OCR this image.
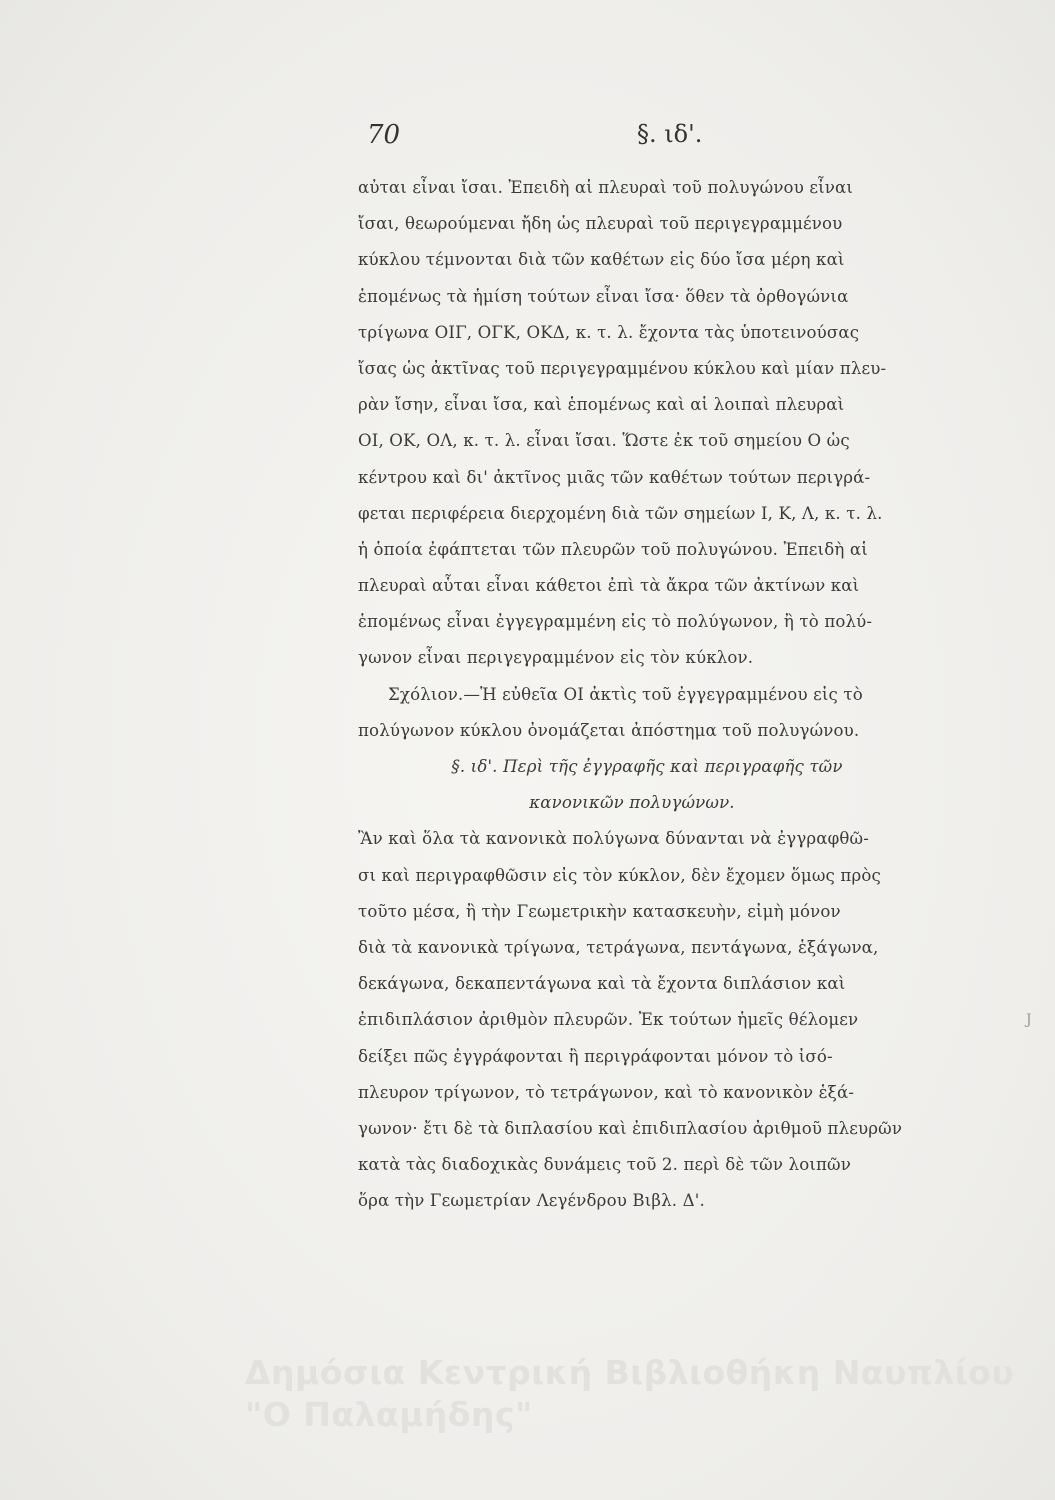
70	§. ιδ'.
αὐται εἶναι ἴσαι. Ἐπειδὴ αἱ πλευραὶ τοῦ πολυγώνου εἶναι
ἴσαι, θεωρούμεναι ἤδη ὡς πλευραὶ τοῦ περιγεγραμμένου
κύκλου τέμνονται διὰ τῶν καθέτων εἰς δύο ἴσα μέρη καὶ
ἑπομένως τὰ ἡμίση τούτων εἶναι ἴσα· ὅθεν τὰ ὀρθογώνια
τρίγωνα ΟΙΓ, ΟΓΚ, ΟΚΔ, κ. τ. λ. ἔχοντα τὰς ὑποτεινούσας
ἴσας ὡς ἀκτῖνας τοῦ περιγεγραμμένου κύκλου καὶ μίαν πλευ-
ρὰν ἴσην, εἶναι ἴσα, καὶ ἑπομένως καὶ αἱ λοιπαὶ πλευραὶ
ΟΙ, ΟΚ, ΟΛ, κ. τ. λ. εἶναι ἴσαι. Ὥστε ἐκ τοῦ σημείου Ο ὡς
κέντρου καὶ δι' ἀκτῖνος μιᾶς τῶν καθέτων τούτων περιγρά-
φεται περιφέρεια διερχομένη διὰ τῶν σημείων Ι, Κ, Λ, κ. τ. λ.
ἡ ὁποία ἐφάπτεται τῶν πλευρῶν τοῦ πολυγώνου. Ἐπειδὴ αἱ
πλευραὶ αὗται εἶναι κάθετοι ἐπὶ τὰ ἄκρα τῶν ἀκτίνων καὶ
ἑπομένως εἶναι ἐγγεγραμμένη εἰς τὸ πολύγωνον, ἢ τὸ πολύ-
γωνον εἶναι περιγεγραμμένον εἰς τὸν κύκλον.
Σχόλιον.—Ἡ εὐθεῖα ΟΙ ἀκτὶς τοῦ ἐγγεγραμμένου εἰς τὸ
πολύγωνον κύκλου ὀνομάζεται ἀπόστημα τοῦ πολυγώνου.
§. ιδ'. Περὶ τῆς ἐγγραφῆς καὶ περιγραφῆς τῶν
κανονικῶν πολυγώνων.
Ἂν καὶ ὅλα τὰ κανονικὰ πολύγωνα δύνανται νὰ ἐγγραφθῶ-
σι καὶ περιγραφθῶσιν εἰς τὸν κύκλον, δὲν ἔχομεν ὅμως πρὸς
τοῦτο μέσα, ἢ τὴν Γεωμετρικὴν κατασκευὴν, εἰμὴ μόνον
διὰ τὰ κανονικὰ τρίγωνα, τετράγωνα, πεντάγωνα, ἑξάγωνα,
δεκάγωνα, δεκαπεντάγωνα καὶ τὰ ἔχοντα διπλάσιον καὶ
ἐπιδιπλάσιον ἀριθμὸν πλευρῶν. Ἐκ τούτων ἡμεῖς θέλομεν
δείξει πῶς ἐγγράφονται ἢ περιγράφονται μόνον τὸ ἰσό-
πλευρον τρίγωνον, τὸ τετράγωνον, καὶ τὸ κανονικὸν ἑξά-
γωνον· ἔτι δὲ τὰ διπλασίου καὶ ἐπιδιπλασίου ἀριθμοῦ πλευρῶν
κατὰ τὰς διαδοχικὰς δυνάμεις τοῦ 2. περὶ δὲ τῶν λοιπῶν
ὅρα τὴν Γεωμετρίαν Λεγένδρου Βιβλ. Δ'.
J
Δημόσια Κεντρική Βιβλιοθήκη Ναυπλίου
"Ο Παλαμήδης"
